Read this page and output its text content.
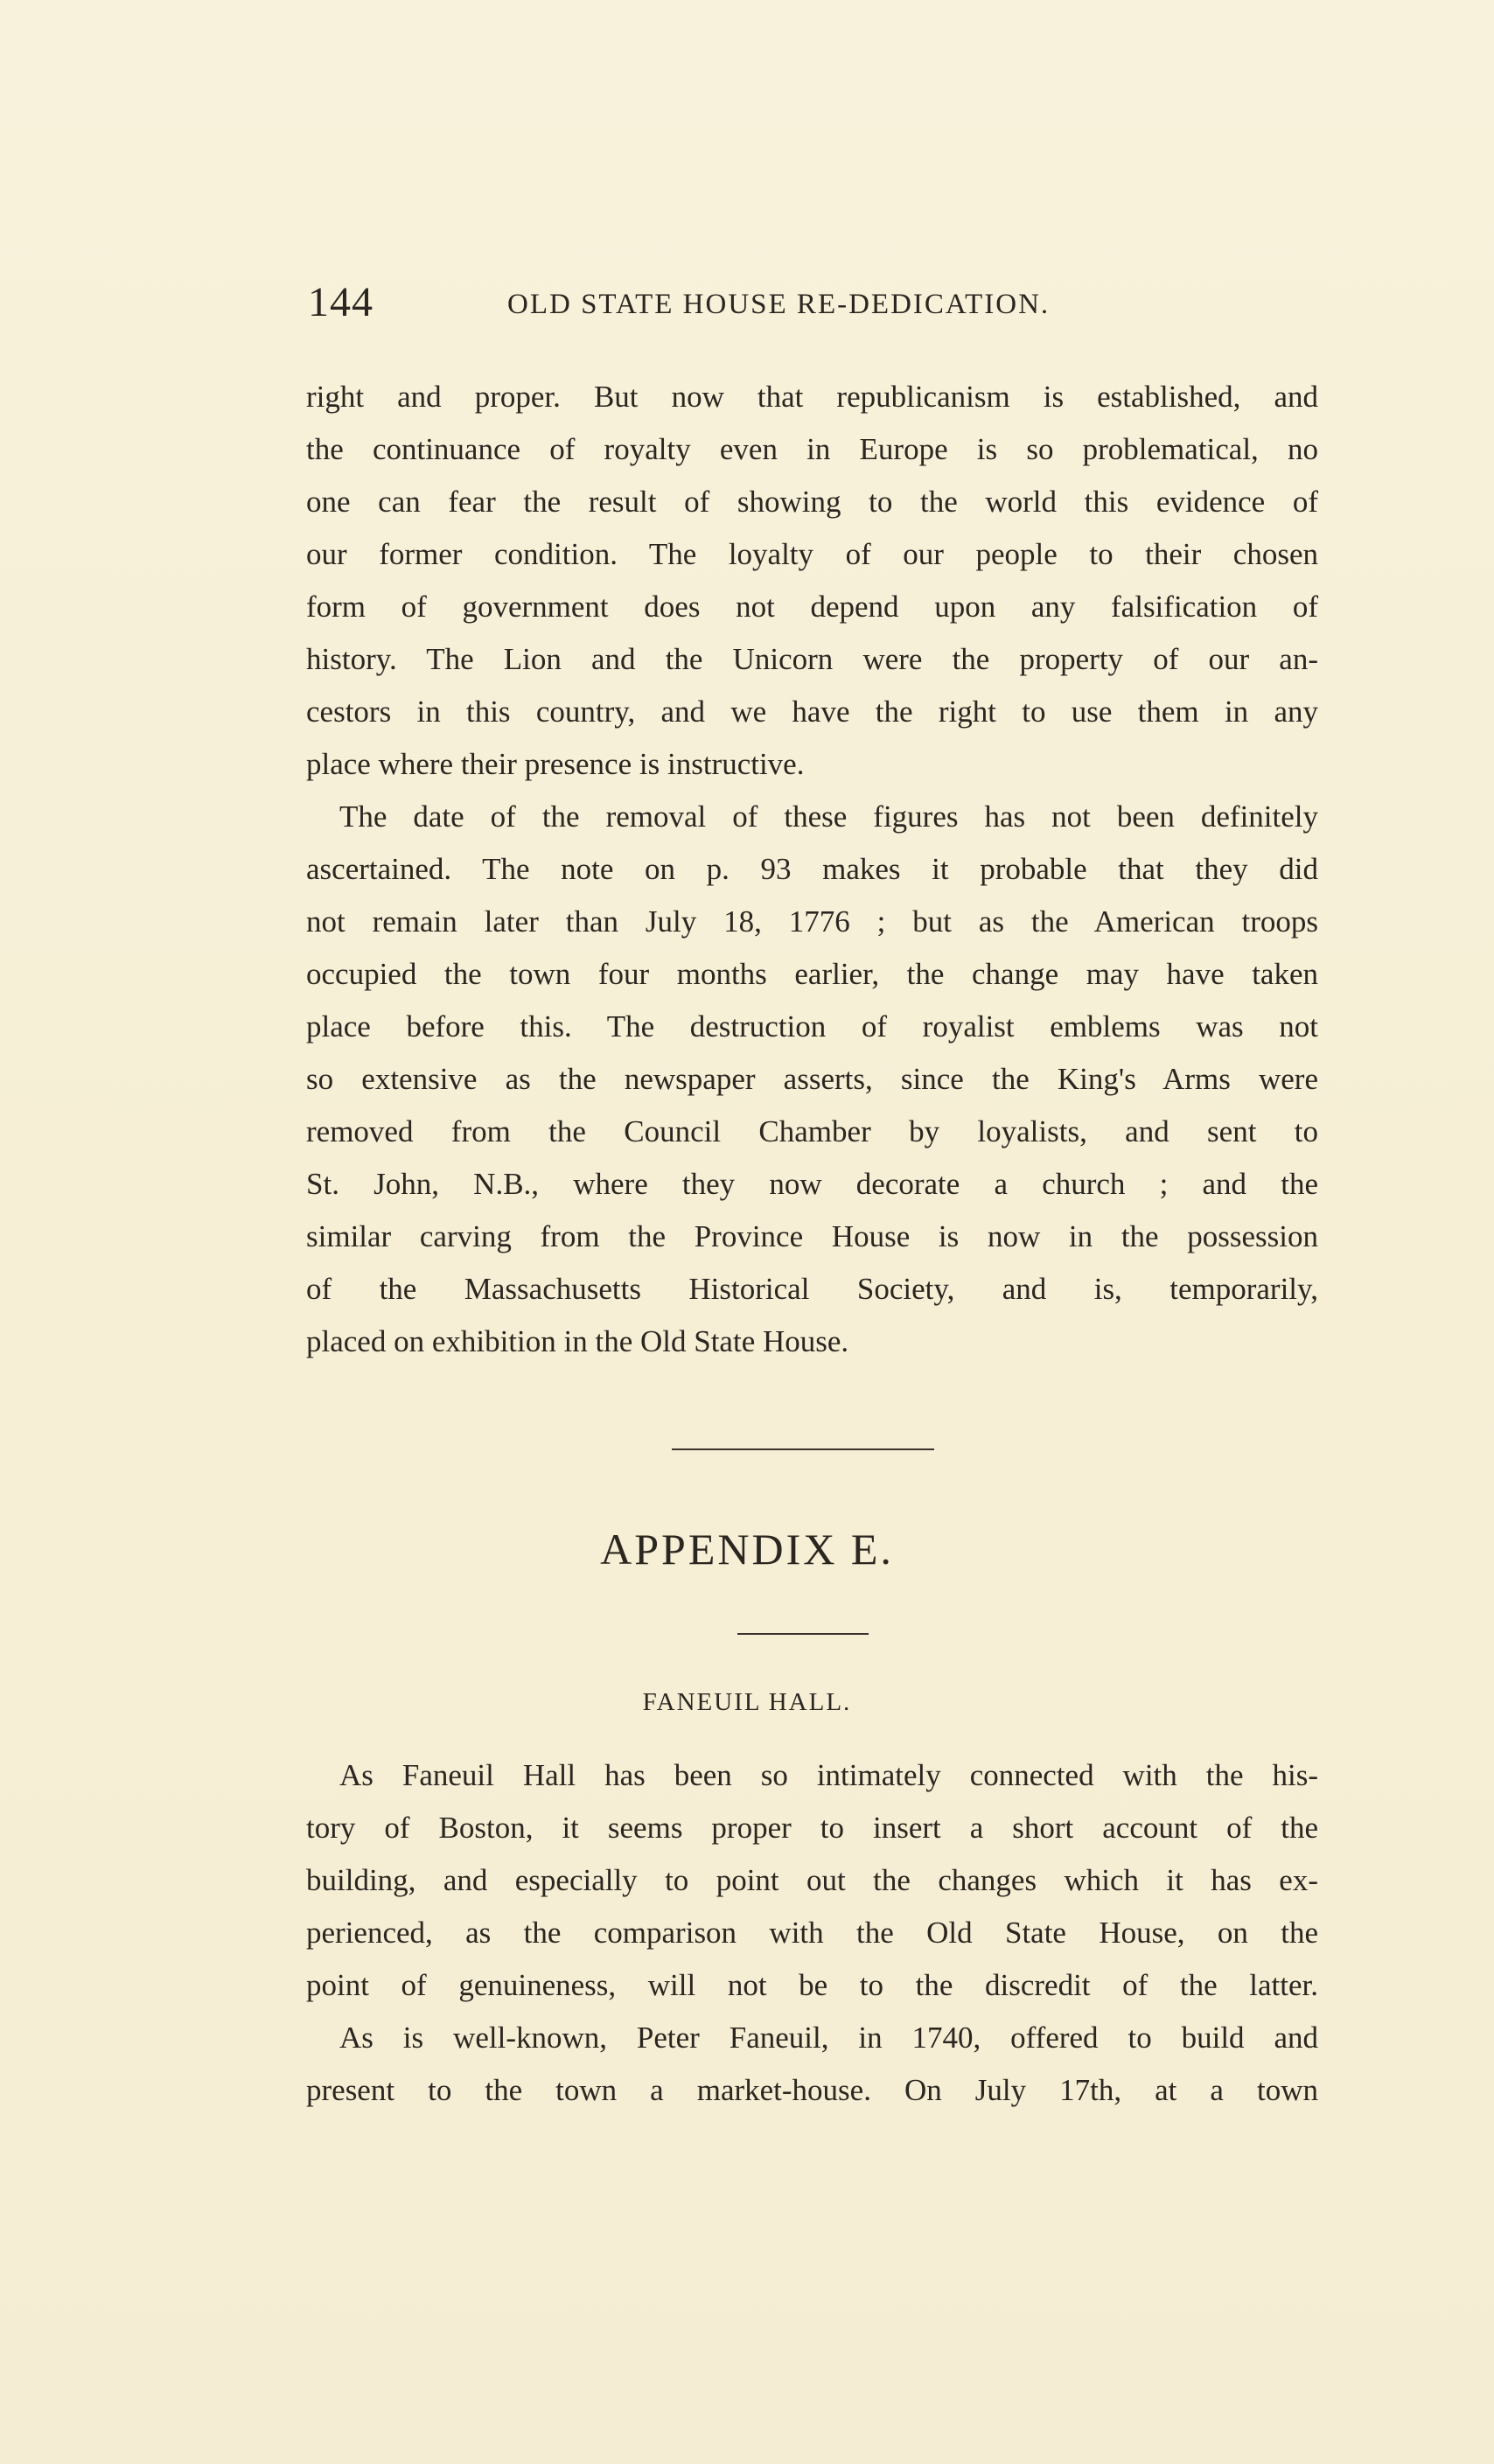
144	OLD STATE HOUSE RE-DEDICATION.
right and proper. But now that republicanism is established, and
the continuance of royalty even in Europe is so problematical, no
one can fear the result of showing to the world this evidence of
our former condition. The loyalty of our people to their chosen
form of government does not depend upon any falsification of
history. The Lion and the Unicorn were the property of our an-
cestors in this country, and we have the right to use them in any
place where their presence is instructive.
The date of the removal of these figures has not been definitely
ascertained. The note on p. 93 makes it probable that they did
not remain later than July 18, 1776 ; but as the American troops
occupied the town four months earlier, the change may have taken
place before this. The destruction of royalist emblems was not
so extensive as the newspaper asserts, since the King's Arms were
removed from the Council Chamber by loyalists, and sent to
St. John, N.B., where they now decorate a church ; and the
similar carving from the Province House is now in the possession
of the Massachusetts Historical Society, and is, temporarily,
placed on exhibition in the Old State House.
APPENDIX E.
FANEUIL HALL.
As Faneuil Hall has been so intimately connected with the his-
tory of Boston, it seems proper to insert a short account of the
building, and especially to point out the changes which it has ex-
perienced, as the comparison with the Old State House, on the
point of genuineness, will not be to the discredit of the latter.
As is well-known, Peter Faneuil, in 1740, offered to build and
present to the town a market-house. On July 17th, at a town
